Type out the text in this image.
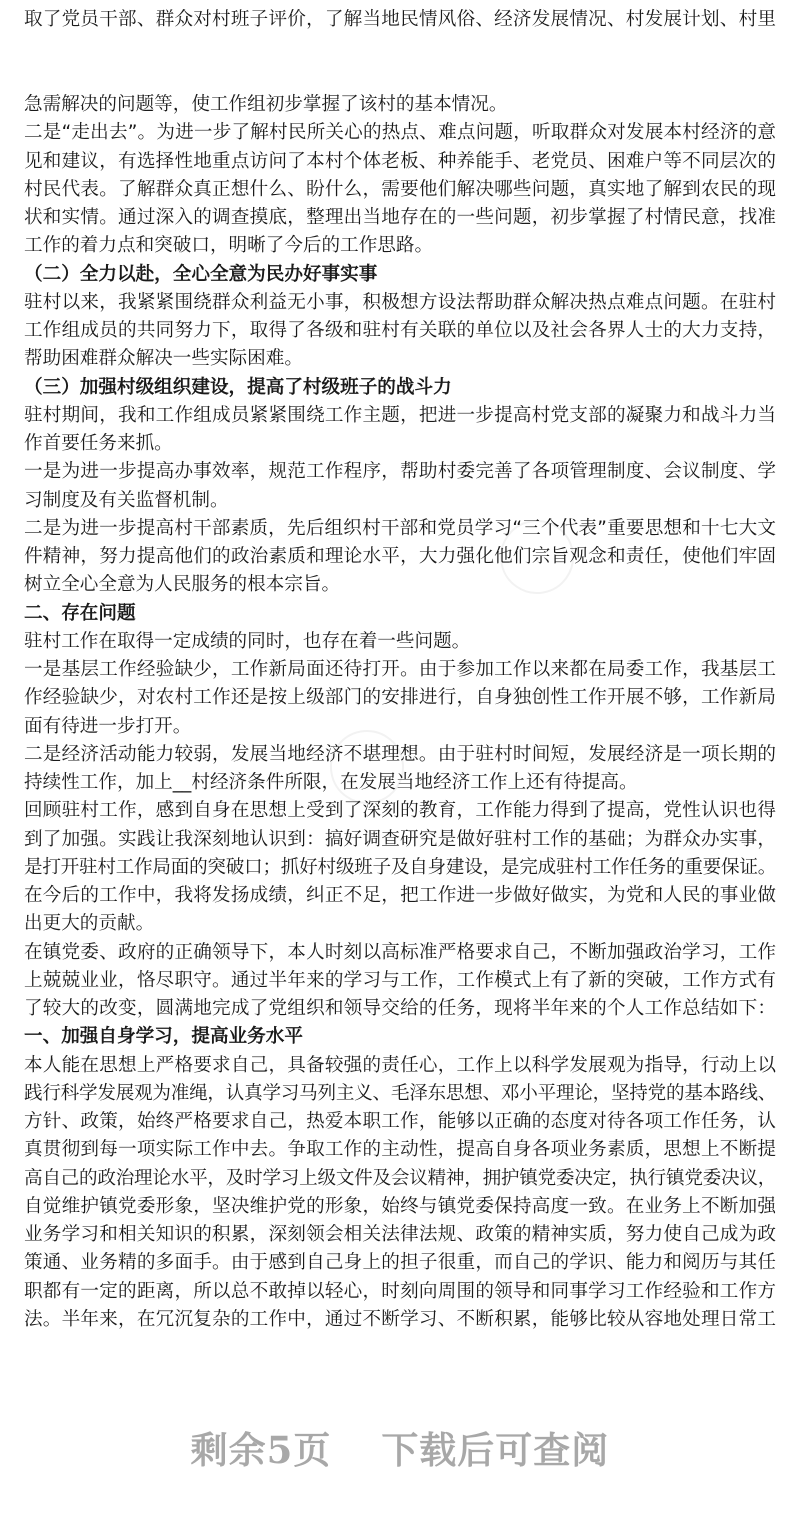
取了党员干部、群众对村班子评价，了解当地民情风俗、经济发展情况、村发展计划、村里
急需解决的问题等，使工作组初步掌握了该村的基本情况。
二是“走出去”。为进一步了解村民所关心的热点、难点问题，听取群众对发展本村经济的意
见和建议，有选择性地重点访问了本村个体老板、种养能手、老党员、困难户等不同层次的
村民代表。了解群众真正想什么、盼什么，需要他们解决哪些问题，真实地了解到农民的现
状和实情。通过深入的调查摸底，整理出当地存在的一些问题，初步掌握了村情民意，找准
工作的着力点和突破口，明晰了今后的工作思路。
（二）全力以赴，全心全意为民办好事实事
驻村以来，我紧紧围绕群众利益无小事，积极想方设法帮助群众解决热点难点问题。在驻村
工作组成员的共同努力下，取得了各级和驻村有关联的单位以及社会各界人士的大力支持，
帮助困难群众解决一些实际困难。
（三）加强村级组织建设，提高了村级班子的战斗力
驻村期间，我和工作组成员紧紧围绕工作主题，把进一步提高村党支部的凝聚力和战斗力当
作首要任务来抓。
一是为进一步提高办事效率，规范工作程序，帮助村委完善了各项管理制度、会议制度、学
习制度及有关监督机制。
二是为进一步提高村干部素质，先后组织村干部和党员学习“三个代表”重要思想和十七大文
件精神，努力提高他们的政治素质和理论水平，大力强化他们宗旨观念和责任，使他们牢固
树立全心全意为人民服务的根本宗旨。
二、存在问题
驻村工作在取得一定成绩的同时，也存在着一些问题。
一是基层工作经验缺少，工作新局面还待打开。由于参加工作以来都在局委工作，我基层工
作经验缺少，对农村工作还是按上级部门的安排进行，自身独创性工作开展不够，工作新局
面有待进一步打开。
二是经济活动能力较弱，发展当地经济不堪理想。由于驻村时间短，发展经济是一项长期的
持续性工作，加上__村经济条件所限，在发展当地经济工作上还有待提高。
回顾驻村工作，感到自身在思想上受到了深刻的教育，工作能力得到了提高，党性认识也得
到了加强。实践让我深刻地认识到：搞好调查研究是做好驻村工作的基础；为群众办实事，
是打开驻村工作局面的突破口；抓好村级班子及自身建设，是完成驻村工作任务的重要保证。
在今后的工作中，我将发扬成绩，纠正不足，把工作进一步做好做实，为党和人民的事业做
出更大的贡献。
在镇党委、政府的正确领导下，本人时刻以高标准严格要求自己，不断加强政治学习，工作
上兢兢业业，恪尽职守。通过半年来的学习与工作，工作模式上有了新的突破，工作方式有
了较大的改变，圆满地完成了党组织和领导交给的任务，现将半年来的个人工作总结如下：
一、加强自身学习，提高业务水平
本人能在思想上严格要求自己，具备较强的责任心，工作上以科学发展观为指导，行动上以
践行科学发展观为准绳，认真学习马列主义、毛泽东思想、邓小平理论，坚持党的基本路线、
方针、政策，始终严格要求自己，热爱本职工作，能够以正确的态度对待各项工作任务，认
真贯彻到每一项实际工作中去。争取工作的主动性，提高自身各项业务素质，思想上不断提
高自己的政治理论水平，及时学习上级文件及会议精神，拥护镇党委决定，执行镇党委决议，
自觉维护镇党委形象，坚决维护党的形象，始终与镇党委保持高度一致。在业务上不断加强
业务学习和相关知识的积累，深刻领会相关法律法规、政策的精神实质，努力使自己成为政
策通、业务精的多面手。由于感到自己身上的担子很重，而自己的学识、能力和阅历与其任
职都有一定的距离，所以总不敢掉以轻心，时刻向周围的领导和同事学习工作经验和工作方
法。半年来，在冗沉复杂的工作中，通过不断学习、不断积累，能够比较从容地处理日常工
剩余5页 下载后可查阅
